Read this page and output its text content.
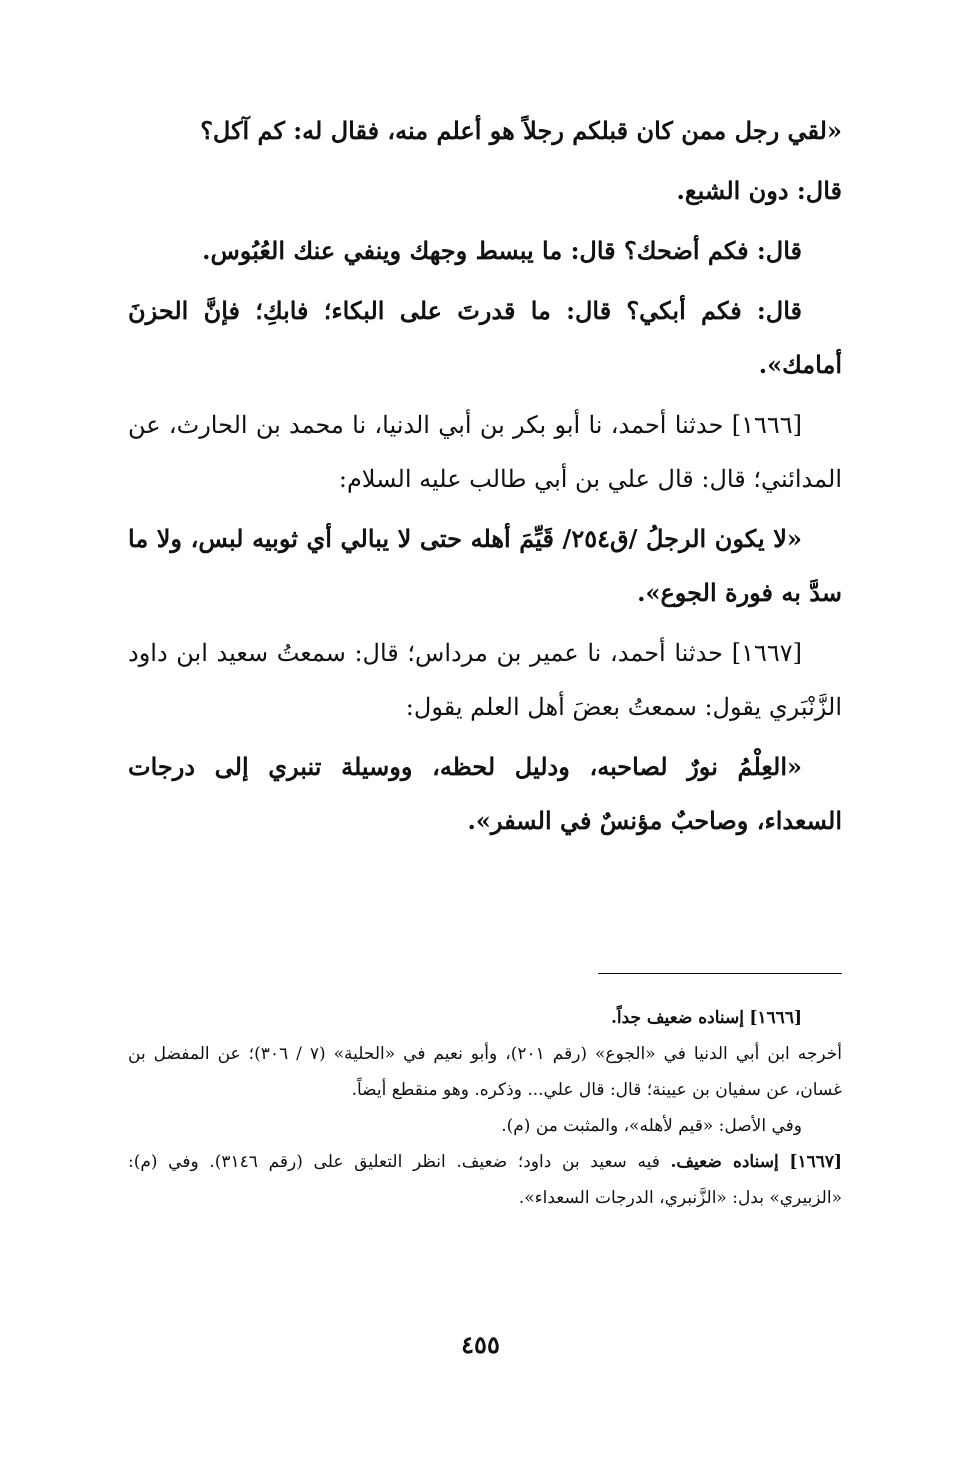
«لقي رجل ممن كان قبلكم رجلاً هو أعلم منه، فقال له: كم آكل؟

قال: دون الشبع.

قال: فكم أضحك؟ قال: ما يبسط وجهك وينفي عنك العُبُوس.

قال: فكم أبكي؟ قال: ما قدرتَ على البكاء؛ فابكِ؛ فإنَّ الحزنَ أمامك».

[١٦٦٦] حدثنا أحمد، نا أبو بكر بن أبي الدنيا، نا محمد بن الحارث، عن المدائني؛ قال: قال علي بن أبي طالب عليه السلام:

«لا يكون الرجلُ /ق٢٥٤/ قَيِّمَ أهله حتى لا يبالي أي ثوبيه لبس، ولا ما سدَّ به فورة الجوع».

[١٦٦٧] حدثنا أحمد، نا عمير بن مرداس؛ قال: سمعتُ سعيد ابن داود الزَّنْبَري يقول: سمعتُ بعضَ أهل العلم يقول:

«العِلْمُ نورٌ لصاحبه، ودليل لحظه، ووسيلة تنبري إلى درجات السعداء، وصاحبٌ مؤنسٌ في السفر».

[١٦٦٦] إسناده ضعيف جداً.

أخرجه ابن أبي الدنيا في «الجوع» (رقم ٢٠١)، وأبو نعيم في «الحلية» (٧ / ٣٠٦)؛ عن المفضل بن غسان، عن سفيان بن عيينة؛ قال: قال علي... وذكره. وهو منقطع أيضاً.

وفي الأصل: «قيم لأهله»، والمثبت من (م).

[١٦٦٧] إسناده ضعيف. فيه سعيد بن داود؛ ضعيف. انظر التعليق على (رقم ٣١٤٦). وفي (م): «الزبيري» بدل: «الزَّنبري، الدرجات السعداء».

٤٥٥
